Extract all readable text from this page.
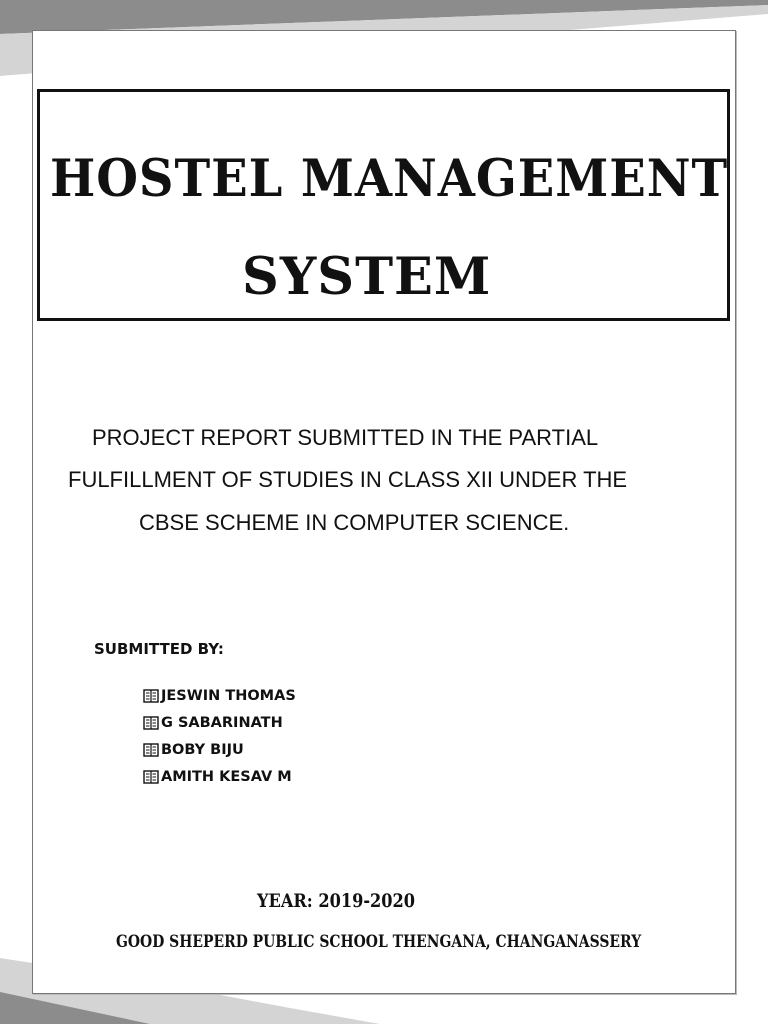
HOSTEL MANAGEMENT
SYSTEM
PROJECT REPORT SUBMITTED IN THE PARTIAL
FULFILLMENT OF STUDIES IN CLASS XII UNDER THE
CBSE SCHEME IN COMPUTER SCIENCE.
SUBMITTED BY:
JESWIN THOMAS
G SABARINATH
BOBY BIJU
AMITH KESAV M
YEAR: 2019-2020
GOOD SHEPERD PUBLIC SCHOOL THENGANA, CHANGANASSERY
